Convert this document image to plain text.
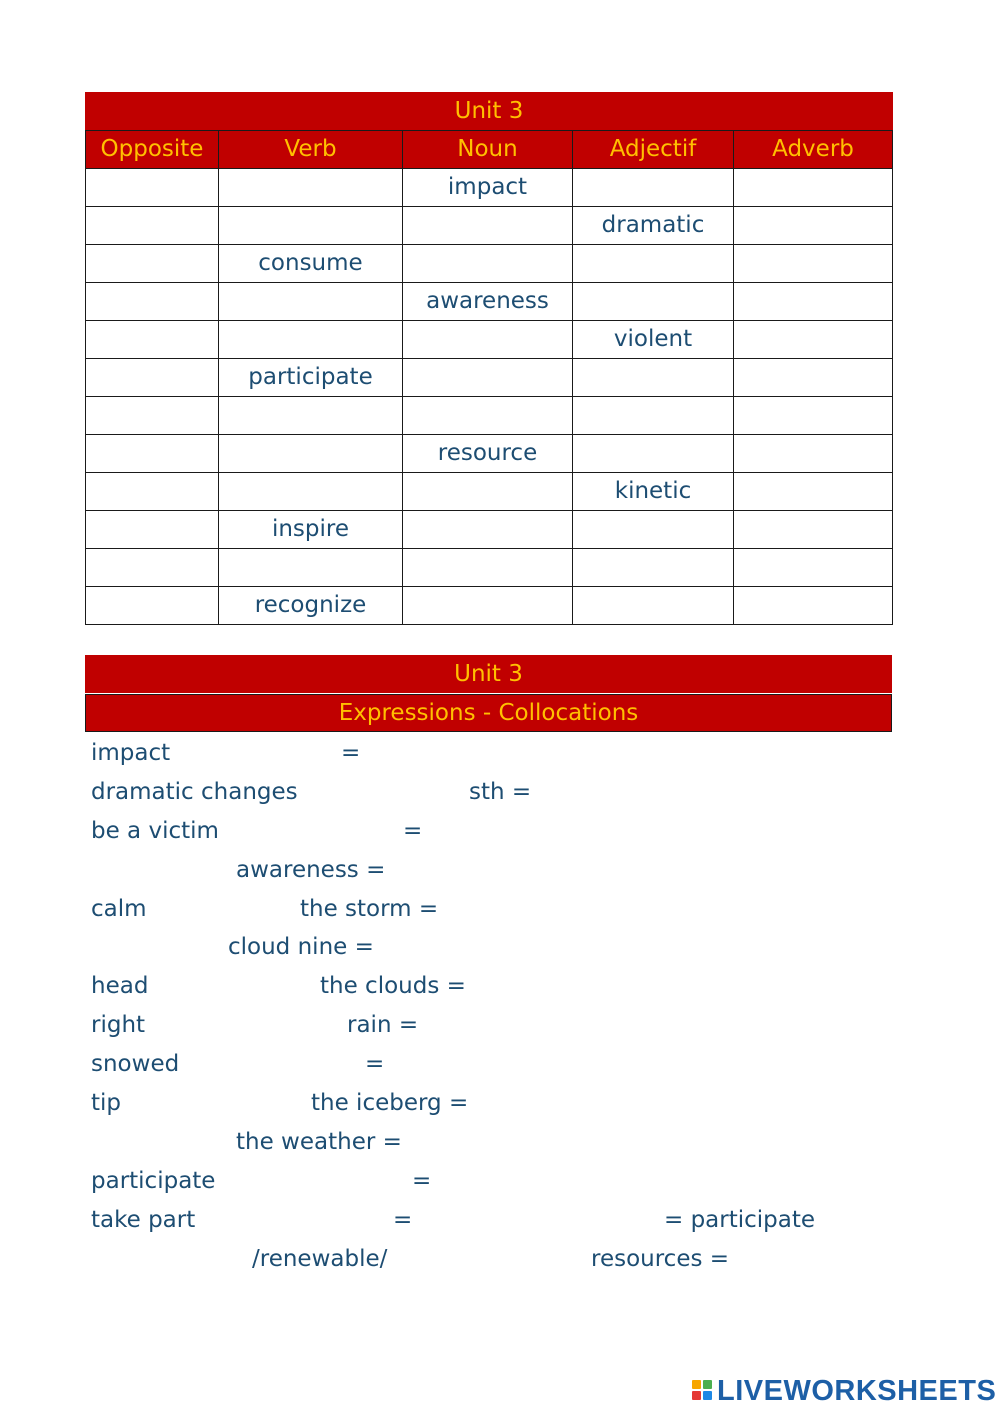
Unit 3				
Opposite	Verb	Noun	Adjectif	Adverb
		impact		
			dramatic	
	consume			
		awareness		
			violent	
	participate			

		resource		
			kinetic	
	inspire			

	recognize			
Unit 3
Expressions - Collocations
impact	=
dramatic changes	sth =
be a victim	=
awareness =
calm	the storm =
cloud nine =
head	the clouds =
right	rain =
snowed	=
tip	the iceberg =
the weather =
participate	=
take part	=	= participate
/renewable/	resources =
LIVEWORKSHEETS
